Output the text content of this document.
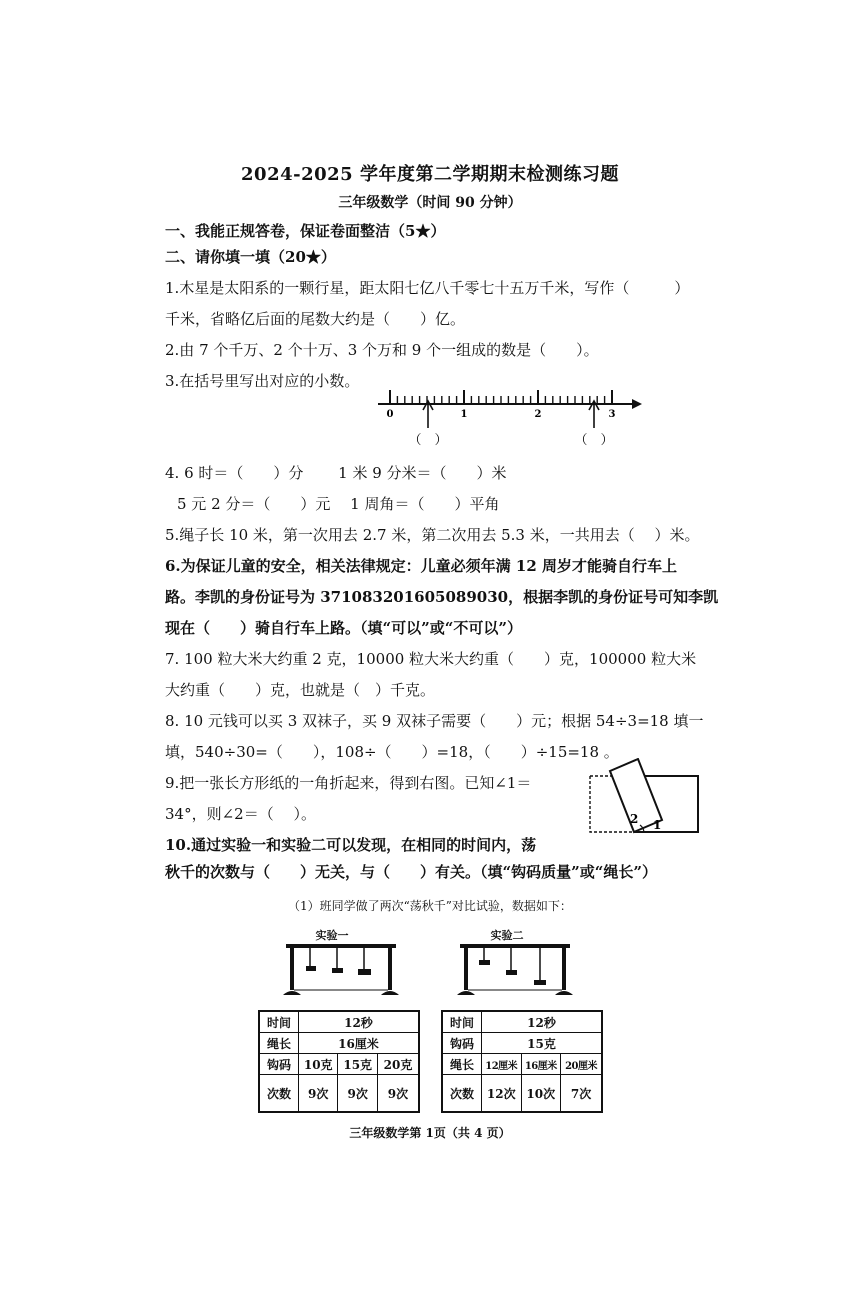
2024-2025 学年度第二学期期末检测练习题
三年级数学（时间 90 分钟）
一、我能正规答卷，保证卷面整洁（5★）
二、请你填一填（20★）
1.木星是太阳系的一颗行星，距太阳七亿八千零七十五万千米，写作（　　　）
千米，省略亿后面的尾数大约是（　　）亿。
2.由 7 个千万、2 个十万、3 个万和 9 个一组成的数是（　　）。
3.在括号里写出对应的小数。
0	1	2	3
（　）	（　）
4. 6 时＝（　　）分　　 1 米 9 分米＝（　　）米
5 元 2 分＝（　　）元　 1 周角＝（　　）平角
5.绳子长 10 米，第一次用去 2.7 米，第二次用去 5.3 米，一共用去（　 ）米。
6.为保证儿童的安全，相关法律规定：儿童必须年满 12 周岁才能骑自行车上
路。李凯的身份证号为 371083201605089030，根据李凯的身份证号可知李凯
现在（　　）骑自行车上路。（填“可以”或“不可以”）
7. 100 粒大米大约重 2 克，10000 粒大米大约重（　　）克，100000 粒大米
大约重（　　）克，也就是（　）千克。
8. 10 元钱可以买 3 双袜子，买 9 双袜子需要（　　）元；根据 54÷3=18 填一
填，540÷30=（　　），108÷（　　）=18，（　　）÷15=18 。
9.把一张长方形纸的一角折起来，得到右图。已知∠1＝
34°，则∠2＝（　 ）。	2 1
10.通过实验一和实验二可以发现，在相同的时间内，荡
秋千的次数与（　　）无关，与（　　）有关。（填“钩码质量”或“绳长”）
（1）班同学做了两次“荡秋千”对比试验，数据如下：
实验一	实验二
时间	12秒		
绳长	16厘米		
钩码	10克	15克	20克
次数	9次	9次	9次
时间	12秒		
钩码	15克		
绳长	12厘米	16厘米	20厘米
次数	12次	10次	7次
三年级数学第 1页（共 4 页）
